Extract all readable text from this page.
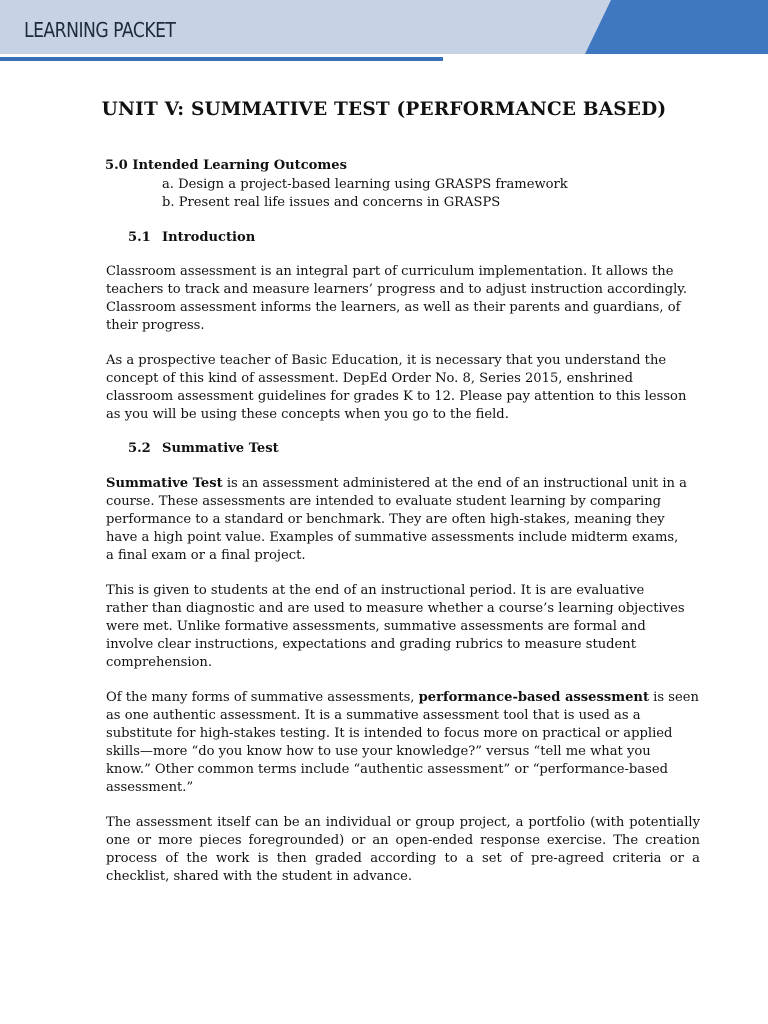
LEARNING PACKET
UNIT V: SUMMATIVE TEST (PERFORMANCE BASED)
5.0 Intended Learning Outcomes
a. Design a project-based learning using GRASPS framework
b. Present real life issues and concerns in GRASPS
5.1 Introduction

Classroom assessment is an integral part of curriculum implementation. It allows the

teachers to track and measure learners’ progress and to adjust instruction accordingly.

Classroom assessment informs the learners, as well as their parents and guardians, of

their progress.

As a prospective teacher of Basic Education, it is necessary that you understand the

concept of this kind of assessment. DepEd Order No. 8, Series 2015, enshrined

classroom assessment guidelines for grades K to 12. Please pay attention to this lesson

as you will be using these concepts when you go to the field.

5.2 Summative Test

Summative Test is an assessment administered at the end of an instructional unit in a

course. These assessments are intended to evaluate student learning by comparing

performance to a standard or benchmark. They are often high-stakes, meaning they

have a high point value. Examples of summative assessments include midterm exams,

a final exam or a final project.

This is given to students at the end of an instructional period. It is are evaluative

rather than diagnostic and are used to measure whether a course’s learning objectives

were met. Unlike formative assessments, summative assessments are formal and

involve clear instructions, expectations and grading rubrics to measure student

comprehension.

Of the many forms of summative assessments, performance-based assessment is seen

as one authentic assessment. It is a summative assessment tool that is used as a

substitute for high-stakes testing. It is intended to focus more on practical or applied

skills—more “do you know how to use your knowledge?” versus “tell me what you

know.” Other common terms include “authentic assessment” or “performance-based

assessment.”

The assessment itself can be an individual or group project, a portfolio (with potentially one or more pieces foregrounded) or an open-ended response exercise. The creation process of the work is then graded according to a set of pre-agreed criteria or a checklist, shared with the student in advance.
